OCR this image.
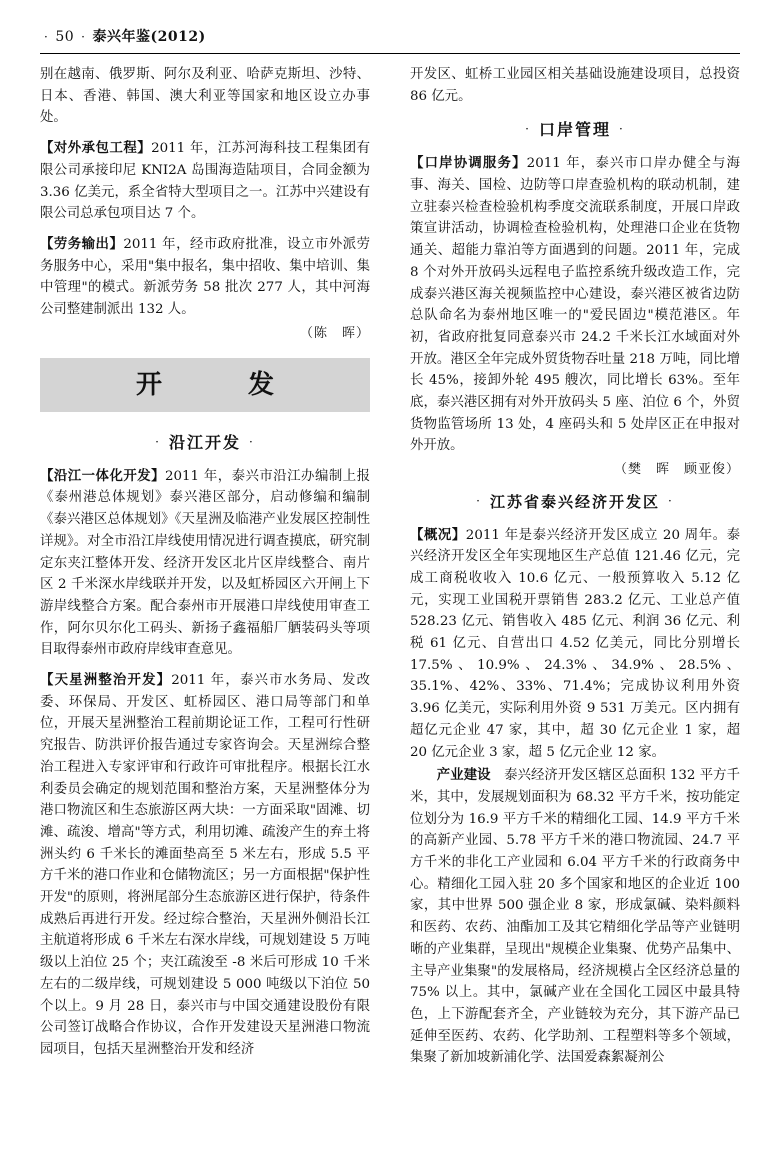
· 50 · 泰兴年鉴(2012)

别在越南、俄罗斯、阿尔及利亚、哈萨克斯坦、沙特、日本、香港、韩国、澳大利亚等国家和地区设立办事处。

【对外承包工程】2011 年，江苏河海科技工程集团有限公司承接印尼 KNI2A 岛围海造陆项目，合同金额为 3.36 亿美元，系全省特大型项目之一。江苏中兴建设有限公司总承包项目达 7 个。

【劳务输出】2011 年，经市政府批准，设立市外派劳务服务中心，采用"集中报名，集中招收、集中培训、集中管理"的模式。新派劳务 58 批次 277 人，其中河海公司整建制派出 132 人。

（陈　晖）
开　发
· 沿江开发 ·

【沿江一体化开发】2011 年，泰兴市沿江办编制上报《泰州港总体规划》泰兴港区部分，启动修编和编制《泰兴港区总体规划》《天星洲及临港产业发展区控制性详规》。对全市沿江岸线使用情况进行调查摸底，研究制定东夹江整体开发、经济开发区北片区岸线整合、南片区 2 千米深水岸线联并开发，以及虹桥园区六开闸上下游岸线整合方案。配合泰州市开展港口岸线使用审查工作，阿尔贝尔化工码头、新扬子鑫福船厂舾装码头等项目取得泰州市政府岸线审查意见。

【天星洲整治开发】2011 年，泰兴市水务局、发改委、环保局、开发区、虹桥园区、港口局等部门和单位，开展天星洲整治工程前期论证工作，工程可行性研究报告、防洪评价报告通过专家咨询会。天星洲综合整治工程进入专家评审和行政许可审批程序。根据长江水利委员会确定的规划范围和整治方案，天星洲整体分为港口物流区和生态旅游区两大块：一方面采取"固滩、切滩、疏浚、增高"等方式，利用切滩、疏浚产生的弃土将洲头约 6 千米长的滩面垫高至 5 米左右，形成 5.5 平方千米的港口作业和仓储物流区；另一方面根据"保护性开发"的原则，将洲尾部分生态旅游区进行保护，待条件成熟后再进行开发。经过综合整治，天星洲外侧沿长江主航道将形成 6 千米左右深水岸线，可规划建设 5 万吨级以上泊位 25 个；夹江疏浚至 -8 米后可形成 10 千米左右的二级岸线，可规划建设 5 000 吨级以下泊位 50 个以上。9 月 28 日，泰兴市与中国交通建设股份有限公司签订战略合作协议，合作开发建设天星洲港口物流园项目，包括天星洲整治开发和经济

开发区、虹桥工业园区相关基础设施建设项目，总投资 86 亿元。

· 口岸管理 ·

【口岸协调服务】2011 年，泰兴市口岸办健全与海事、海关、国检、边防等口岸查验机构的联动机制，建立驻泰兴检查检验机构季度交流联系制度，开展口岸政策宣讲活动，协调检查检验机构，处理港口企业在货物通关、超能力靠泊等方面遇到的问题。2011 年，完成 8 个对外开放码头远程电子监控系统升级改造工作，完成泰兴港区海关视频监控中心建设，泰兴港区被省边防总队命名为泰州地区唯一的"爱民固边"模范港区。年初，省政府批复同意泰兴市 24.2 千米长江水域面对外开放。港区全年完成外贸货物吞吐量 218 万吨，同比增长 45%，接卸外轮 495 艘次，同比增长 63%。至年底，泰兴港区拥有对外开放码头 5 座、泊位 6 个，外贸货物监管场所 13 处，4 座码头和 5 处岸区正在申报对外开放。

（樊　晖　顾亚俊）
· 江苏省泰兴经济开发区 ·

【概况】2011 年是泰兴经济开发区成立 20 周年。泰兴经济开发区全年实现地区生产总值 121.46 亿元，完成工商税收收入 10.6 亿元、一般预算收入 5.12 亿元，实现工业国税开票销售 283.2 亿元、工业总产值 528.23 亿元、销售收入 485 亿元、利润 36 亿元、利税 61 亿元、自营出口 4.52 亿美元，同比分别增长 17.5%、10.9%、24.3%、34.9%、28.5%、35.1%、42%、33%、71.4%；完成协议利用外资 3.96 亿美元，实际利用外资 9 531 万美元。区内拥有超亿元企业 47 家，其中，超 30 亿元企业 1 家，超 20 亿元企业 3 家，超 5 亿元企业 12 家。

产业建设　 泰兴经济开发区辖区总面积 132 平方千米，其中，发展规划面积为 68.32 平方千米，按功能定位划分为 16.9 平方千米的精细化工园、14.9 平方千米的高新产业园、5.78 平方千米的港口物流园、24.7 平方千米的非化工产业园和 6.04 平方千米的行政商务中心。精细化工园入驻 20 多个国家和地区的企业近 100 家，其中世界 500 强企业 8 家，形成氯碱、染料颜料和医药、农药、油酯加工及其它精细化学品等产业链明晰的产业集群，呈现出"规模企业集聚、优势产品集中、主导产业集聚"的发展格局，经济规模占全区经济总量的 75% 以上。其中，氯碱产业在全国化工园区中最具特色，上下游配套齐全，产业链较为充分，其下游产品已延伸至医药、农药、化学助剂、工程塑料等多个领域，集聚了新加坡新浦化学、法国爱森絮凝剂公
